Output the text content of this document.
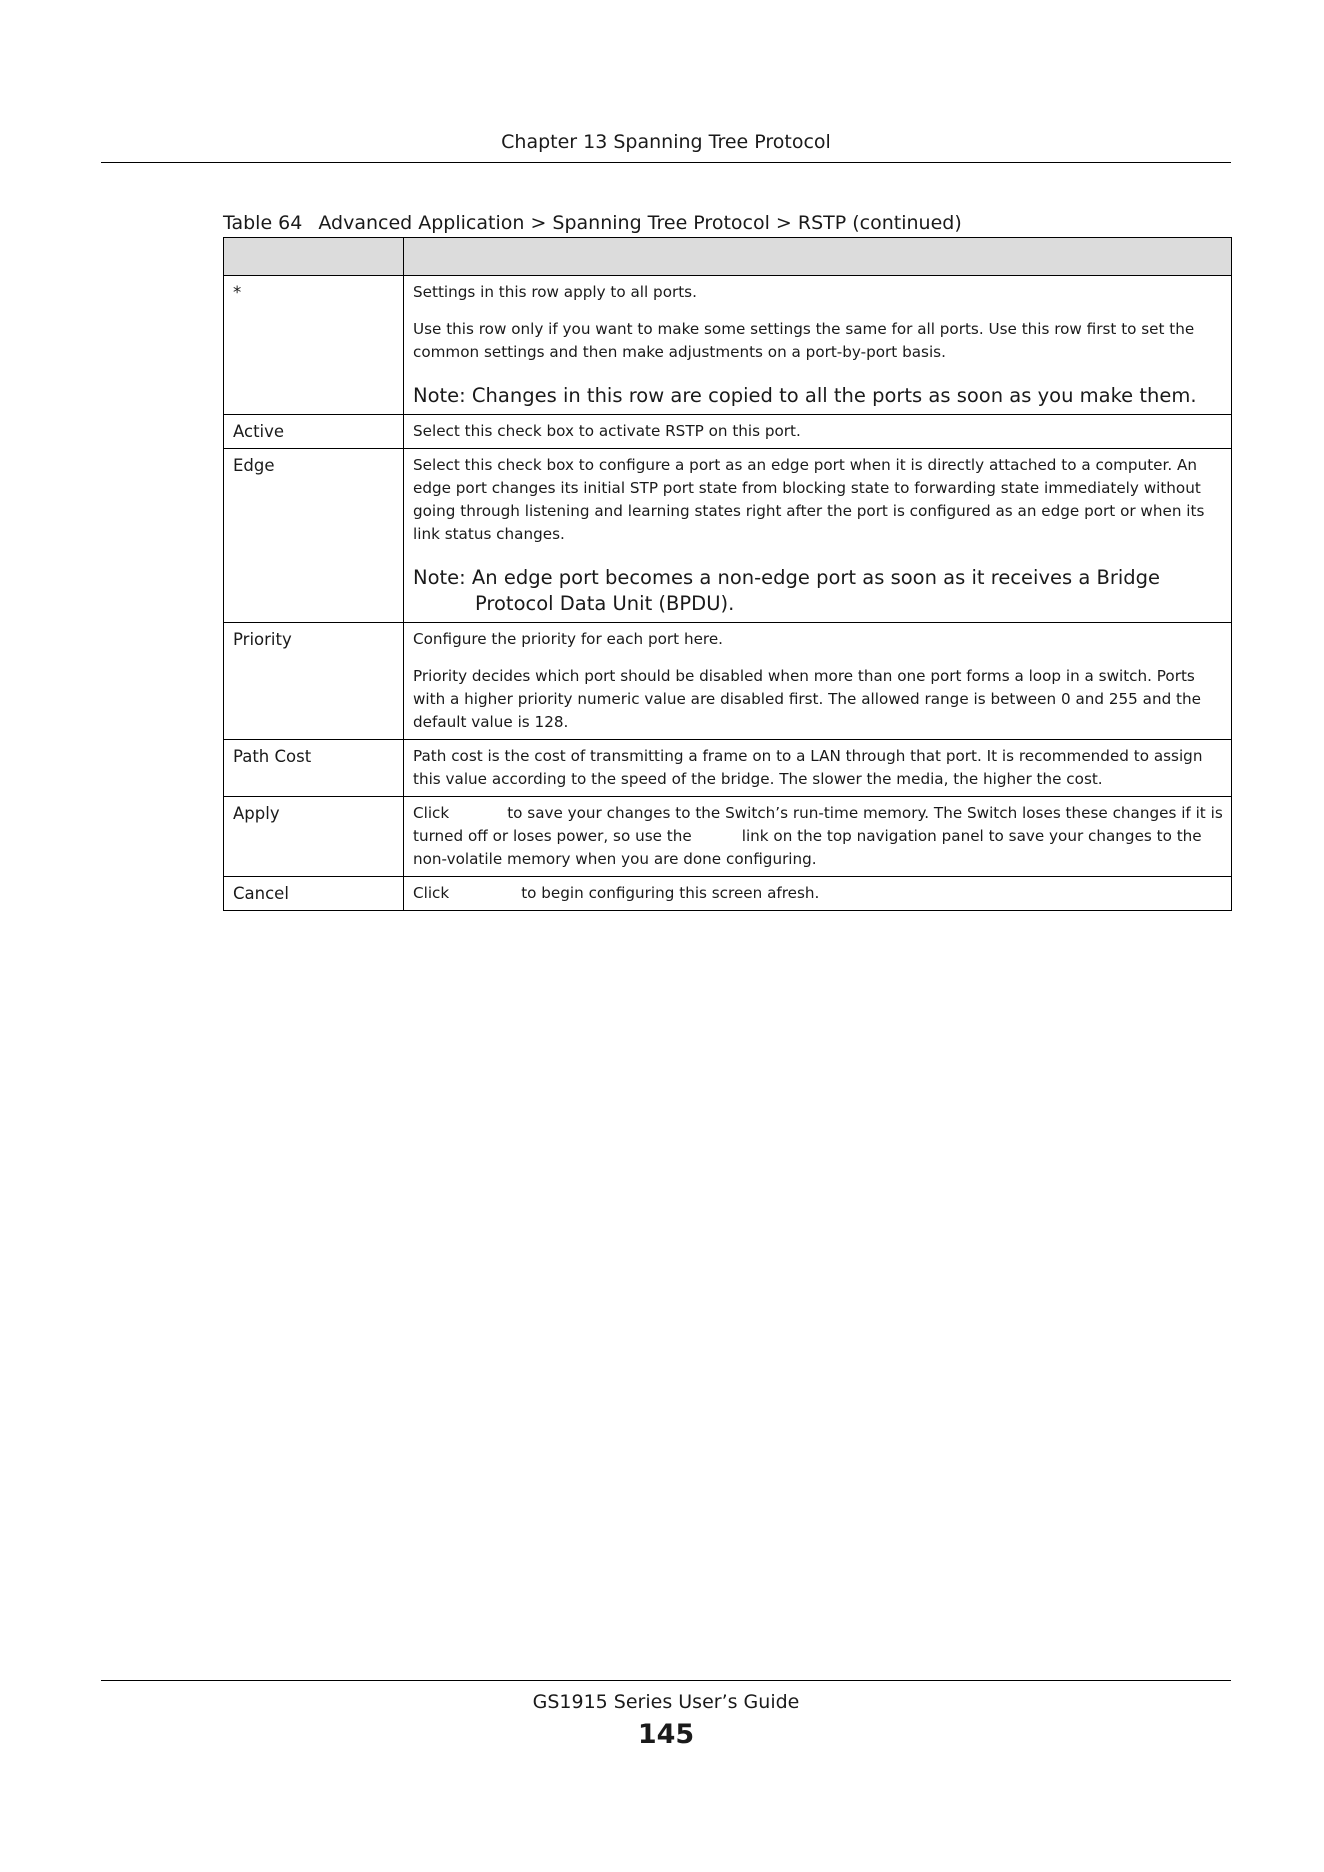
Chapter 13 Spanning Tree Protocol
Table 64 Advanced Application > Spanning Tree Protocol > RSTP (continued)

*	Settings in this row apply to all ports.

Use this row only if you want to make some settings the same for all ports. Use this row first to set the common settings and then make adjustments on a port-by-port basis.

Note: Changes in this row are copied to all the ports as soon as you make them.

Active	Select this check box to activate RSTP on this port.

Edge	Select this check box to configure a port as an edge port when it is directly attached to a computer. An edge port changes its initial STP port state from blocking state to forwarding state immediately without going through listening and learning states right after the port is configured as an edge port or when its link status changes.

Note: An edge port becomes a non-edge port as soon as it receives a Bridge Protocol Data Unit (BPDU).

Priority	Configure the priority for each port here.

Priority decides which port should be disabled when more than one port forms a loop in a switch. Ports with a higher priority numeric value are disabled first. The allowed range is between 0 and 255 and the default value is 128.

Path Cost	Path cost is the cost of transmitting a frame on to a LAN through that port. It is recommended to assign this value according to the speed of the bridge. The slower the media, the higher the cost.

Apply	Click to save your changes to the Switch’s run-time memory. The Switch loses these changes if it is turned off or loses power, so use the link on the top navigation panel to save your changes to the non-volatile memory when you are done configuring.

Cancel	Click to begin configuring this screen afresh.

GS1915 Series User’s Guide
145
